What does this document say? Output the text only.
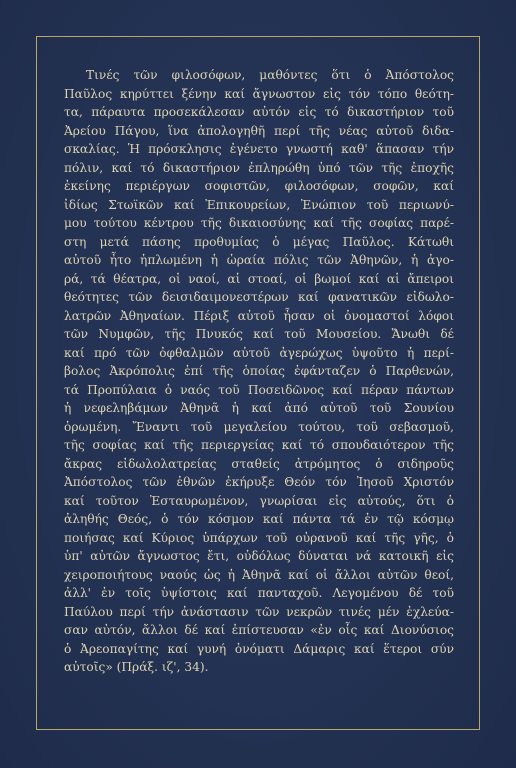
Τινές τῶν φιλοσόφων, μαθόντες ὅτι ὁ Ἀπόστολος
Παῦλος κηρύττει ξένην καί ἄγνωστον εἰς τόν τόπο θεότη-
τα, πάραυτα προσεκάλεσαν αὐτόν εἰς τό δικαστήριον τοῦ
Ἀρείου Πάγου, ἵνα ἀπολογηθῆ περί τῆς νέας αὐτοῦ διδα-
σκαλίας. Ἡ πρόσκλησις ἐγένετο γνωστή καθ' ἅπασαν τήν
πόλιν, καί τό δικαστήριον ἐπληρώθη ὑπό τῶν τῆς ἐποχῆς
ἐκείνης περιέργων σοφιστῶν, φιλοσόφων, σοφῶν, καί
ἰδίως Στωϊκῶν καί Ἐπικουρείων, Ἐνώπιον τοῦ περιωνύ-
μου τούτου κέντρου τῆς δικαιοσύνης καί τῆς σοφίας παρέ-
στη μετά πάσης προθυμίας ὁ μέγας Παῦλος. Κάτωθι
αὐτοῦ ἦτο ἡπλωμένη ἡ ὡραία πόλις τῶν Ἀθηνῶν, ἡ ἀγο-
ρά, τά θέατρα, οἱ ναοί, αἱ στοαί, οἱ βωμοί καί αἱ ἄπειροι
θεότητες τῶν δεισιδαιμονεστέρων καί φανατικῶν εἰδωλο-
λατρῶν Ἀθηναίων. Πέριξ αὐτοῦ ἦσαν οἱ ὀνομαστοί λόφοι
τῶν Νυμφῶν, τῆς Πνυκός καί τοῦ Μουσείου. Ἄνωθι δέ
καί πρό τῶν ὀφθαλμῶν αὐτοῦ ἀγερώχως ὑψοῦτο ἡ περί-
βολος Ἀκρόπολις ἐπί τῆς ὁποίας ἐφάνταζεν ὁ Παρθενών,
τά Προπύλαια ὁ ναός τοῦ Ποσειδῶνος καί πέραν πάντων
ἡ νεφεληβάμων Ἀθηνᾶ ἡ καί ἀπό αὐτοῦ τοῦ Σουνίου
ὁρωμένη. Ἔναντι τοῦ μεγαλείου τούτου, τοῦ σεβασμοῦ,
τῆς σοφίας καί τῆς περιεργείας καί τό σπουδαιότερον τῆς
ἄκρας εἰδωλολατρείας σταθείς ἀτρόμητος ὁ σιδηροῦς
Ἀπόστολος τῶν ἐθνῶν ἐκήρυξε Θεόν τόν Ἰησοῦ Χριστόν
καί τοῦτον Ἐσταυρωμένον, γνωρίσαι εἰς αὐτούς, ὅτι ὁ
ἀληθής Θεός, ὁ τόν κόσμον καί πάντα τά ἐν τῷ κόσμῳ
ποιήσας καί Κύριος ὑπάρχων τοῦ οὐρανοῦ καί τῆς γῆς, ὁ
ὑπ' αὐτῶν ἄγνωστος ἔτι, οὐδόλως δύναται νά κατοικῆ εἰς
χειροποιήτους ναούς ὡς ἡ Ἀθηνᾶ καί οἱ ἄλλοι αὐτῶν θεοί,
ἀλλ' ἐν τοῖς ὑψίστοις καί πανταχοῦ. Λεγομένου δέ τοῦ
Παύλου περί τήν ἀνάστασιν τῶν νεκρῶν τινές μέν ἐχλεύα-
σαν αὐτόν, ἄλλοι δέ καί ἐπίστευσαν «ἐν οἷς καί Διονύσιος
ὁ Ἀρεοπαγίτης καί γυνή ὀνόματι Δάμαρις καί ἕτεροι σύν
αὐτοῖς» (Πράξ. ιζ', 34).
